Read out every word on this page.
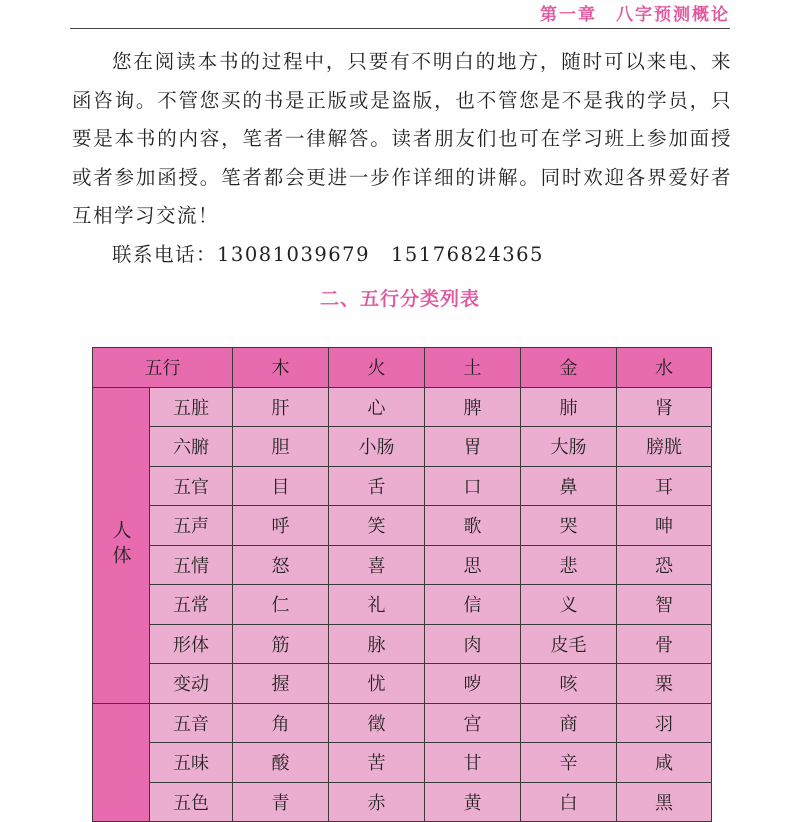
第一章　八字预测概论

您在阅读本书的过程中，只要有不明白的地方，随时可以来电、来函咨询。不管您买的书是正版或是盗版，也不管您是不是我的学员，只要是本书的内容，笔者一律解答。读者朋友们也可在学习班上参加面授或者参加函授。笔者都会更进一步作详细的讲解。同时欢迎各界爱好者互相学习交流！

联系电话：13081039679　15176824365

二、五行分类列表
五行		木	火	土	金	水
人体	五脏	肝	心	脾	肺	肾
	六腑	胆	小肠	胃	大肠	膀胱
	五官	目	舌	口	鼻	耳
	五声	呼	笑	歌	哭	呻
	五情	怒	喜	思	悲	恐
	五常	仁	礼	信	义	智
	形体	筋	脉	肉	皮毛	骨
	变动	握	忧	哕	咳	栗
	五音	角	徵	宫	商	羽
	五味	酸	苦	甘	辛	咸
	五色	青	赤	黄	白	黑
